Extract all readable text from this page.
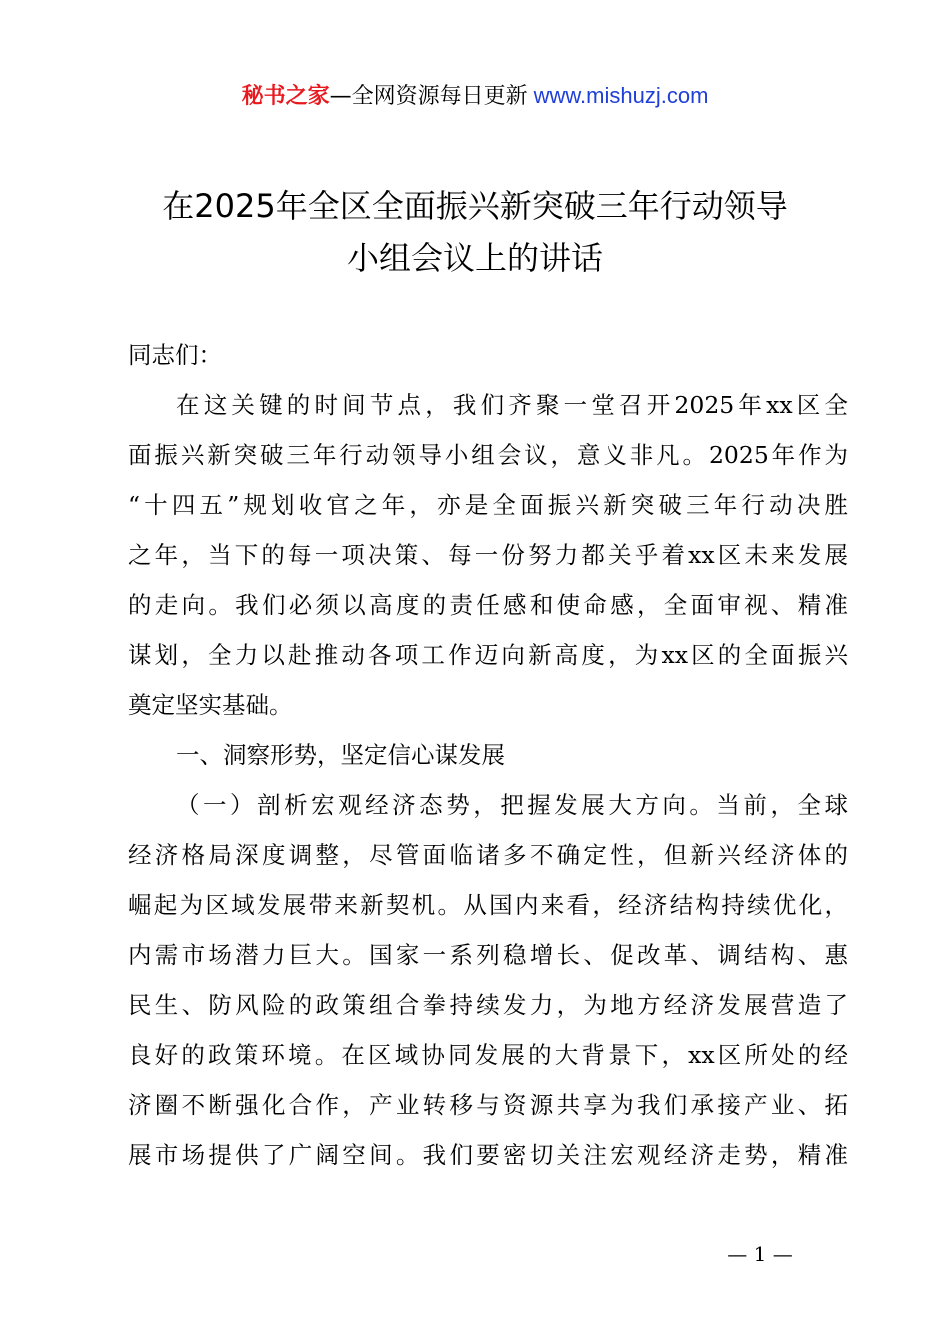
秘书之家—全网资源每日更新 www.mishuzj.com
在2025年全区全面振兴新突破三年行动领导
小组会议上的讲话
同志们：
在这关键的时间节点，我们齐聚一堂召开2025年xx区全
面振兴新突破三年行动领导小组会议，意义非凡。2025年作为
“十四五”规划收官之年，亦是全面振兴新突破三年行动决胜
之年，当下的每一项决策、每一份努力都关乎着xx区未来发展
的走向。我们必须以高度的责任感和使命感，全面审视、精准
谋划，全力以赴推动各项工作迈向新高度，为xx区的全面振兴
奠定坚实基础。
一、洞察形势，坚定信心谋发展
（一）剖析宏观经济态势，把握发展大方向。当前，全球
经济格局深度调整，尽管面临诸多不确定性，但新兴经济体的
崛起为区域发展带来新契机。从国内来看，经济结构持续优化，
内需市场潜力巨大。国家一系列稳增长、促改革、调结构、惠
民生、防风险的政策组合拳持续发力，为地方经济发展营造了
良好的政策环境。在区域协同发展的大背景下，xx区所处的经
济圈不断强化合作，产业转移与资源共享为我们承接产业、拓
展市场提供了广阔空间。我们要密切关注宏观经济走势，精准
— 1 —
